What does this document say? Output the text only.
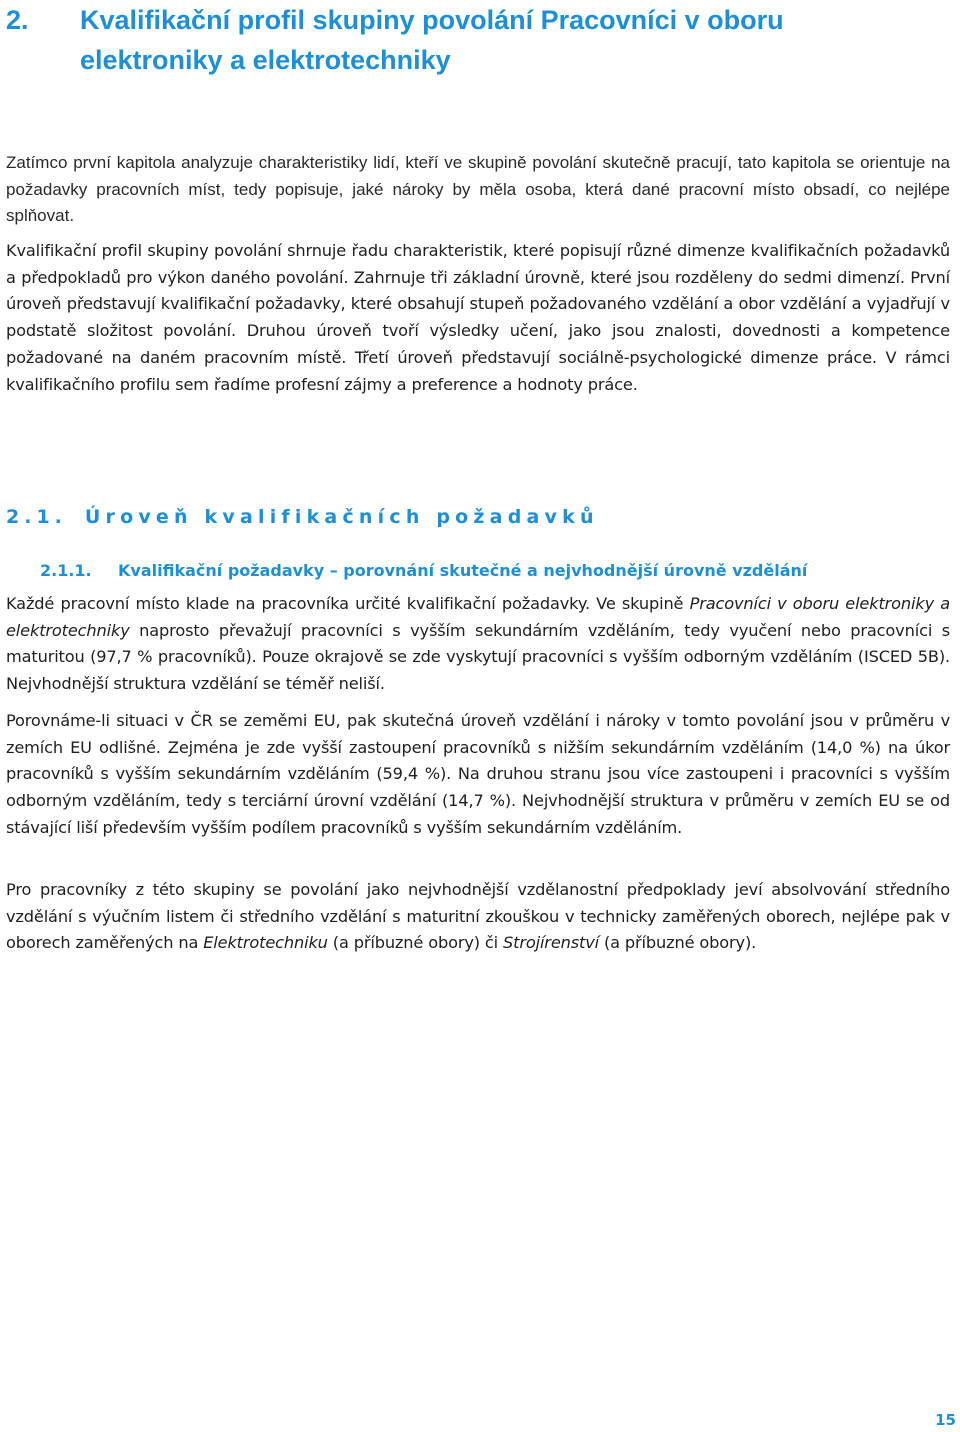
2. Kvalifikační profil skupiny povolání Pracovníci v oboru
elektroniky a elektrotechniky

Zatímco první kapitola analyzuje charakteristiky lidí, kteří ve skupině povolání skutečně pracují, tato kapitola se orientuje na požadavky pracovních míst, tedy popisuje, jaké nároky by měla osoba, která dané pracovní místo obsadí, co nejlépe splňovat.

Kvalifikační profil skupiny povolání shrnuje řadu charakteristik, které popisují různé dimenze kvalifikačních požadavků a předpokladů pro výkon daného povolání. Zahrnuje tři základní úrovně, které jsou rozděleny do sedmi dimenzí. První úroveň představují kvalifikační požadavky, které obsahují stupeň požadovaného vzdělání a obor vzdělání a vyjadřují v podstatě složitost povolání. Druhou úroveň tvoří výsledky učení, jako jsou znalosti, dovednosti a kompetence požadované na daném pracovním místě. Třetí úroveň představují sociálně-psychologické dimenze práce. V rámci kvalifikačního profilu sem řadíme profesní zájmy a preference a hodnoty práce.

2.1. Úroveň kvalifikačních požadavků
2.1.1. Kvalifikační požadavky – porovnání skutečné a nejvhodnější úrovně vzdělání

Každé pracovní místo klade na pracovníka určité kvalifikační požadavky. Ve skupině Pracovníci v oboru elektroniky a elektrotechniky naprosto převažují pracovníci s vyšším sekundárním vzděláním, tedy vyučení nebo pracovníci s maturitou (97,7 % pracovníků). Pouze okrajově se zde vyskytují pracovníci s vyšším odborným vzděláním (ISCED 5B). Nejvhodnější struktura vzdělání se téměř neliší.

Porovnáme-li situaci v ČR se zeměmi EU, pak skutečná úroveň vzdělání i nároky v tomto povolání jsou v průměru v zemích EU odlišné. Zejména je zde vyšší zastoupení pracovníků s nižším sekundárním vzděláním (14,0 %) na úkor pracovníků s vyšším sekundárním vzděláním (59,4 %). Na druhou stranu jsou více zastoupeni i pracovníci s vyšším odborným vzděláním, tedy s terciární úrovní vzdělání (14,7 %). Nejvhodnější struktura v průměru v zemích EU se od stávající liší především vyšším podílem pracovníků s vyšším sekundárním vzděláním.

Pro pracovníky z této skupiny se povolání jako nejvhodnější vzdělanostní předpoklady jeví absolvování středního vzdělání s výučním listem či středního vzdělání s maturitní zkouškou v technicky zaměřených oborech, nejlépe pak v oborech zaměřených na Elektrotechniku (a příbuzné obory) či Strojírenství (a příbuzné obory).

15
